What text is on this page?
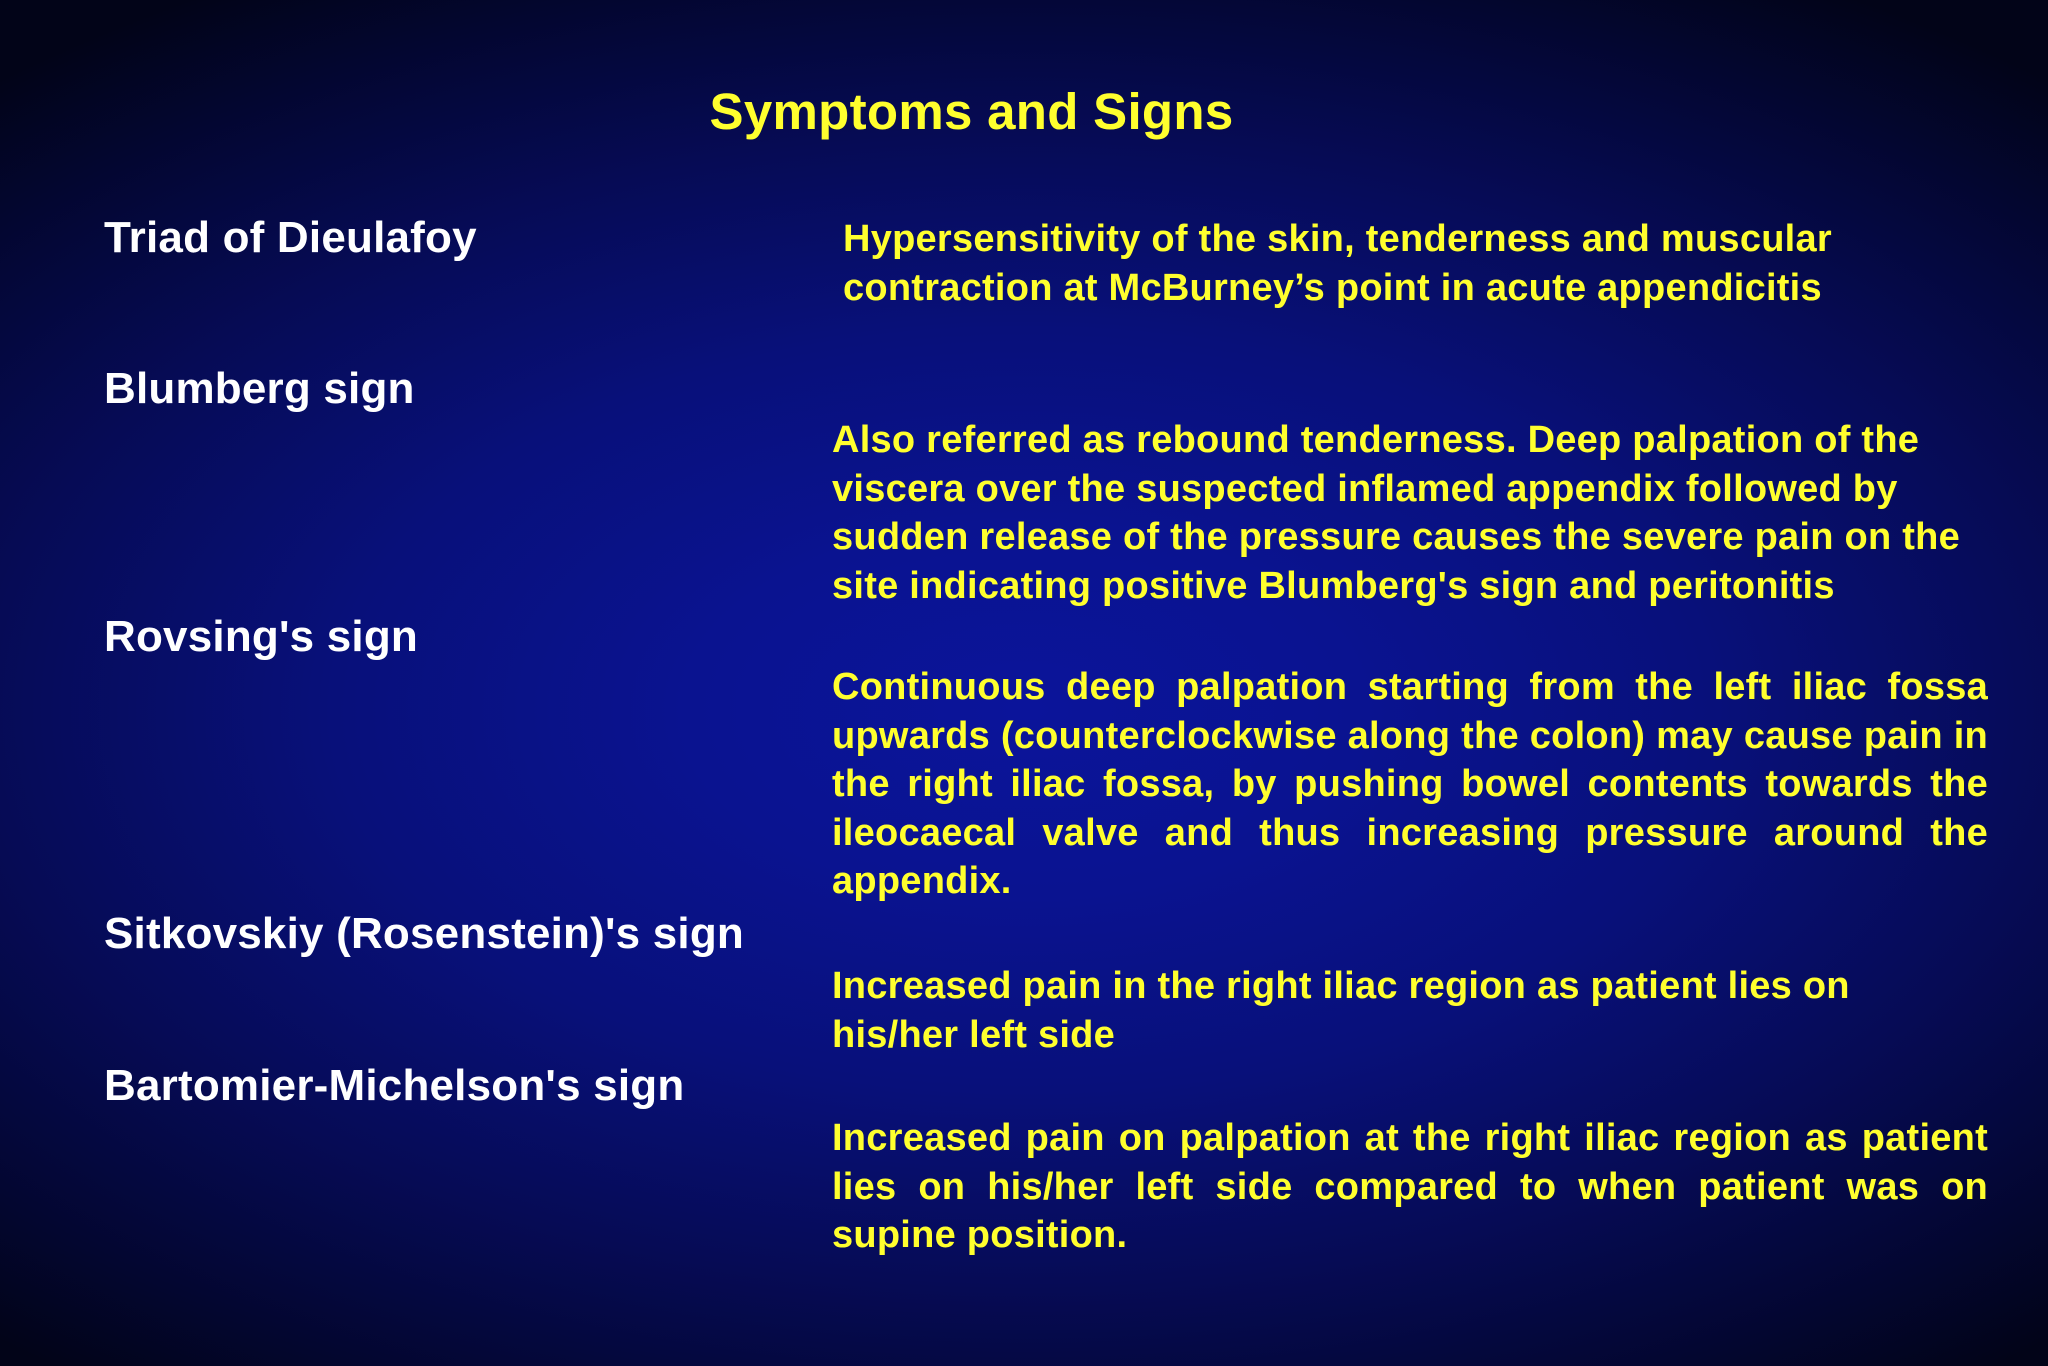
Symptoms and Signs
Triad of Dieulafoy	Hypersensitivity of the skin, tenderness and muscular contraction at McBurney’s point in acute appendicitis
Blumberg sign
Also referred as rebound tenderness. Deep palpation of the viscera over the suspected inflamed appendix followed by sudden release of the pressure causes the severe pain on the site indicating positive Blumberg's sign and peritonitis
Rovsing's sign
Continuous deep palpation starting from the left iliac fossa upwards (counterclockwise along the colon) may cause pain in the right iliac fossa, by pushing bowel contents towards the ileocaecal valve and thus increasing pressure around the appendix.
Sitkovskiy (Rosenstein)'s sign
Increased pain in the right iliac region as patient lies on his/her left side
Bartomier-Michelson's sign
Increased pain on palpation at the right iliac region as patient lies on his/her left side compared to when patient was on supine position.
